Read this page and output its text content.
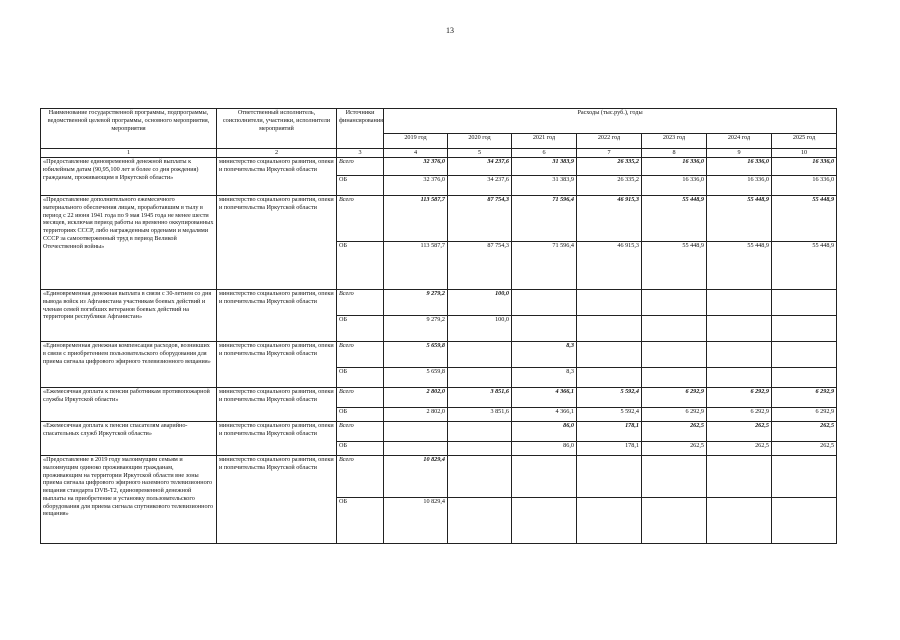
13
Наименование государственной программы, подпрограммы, ведомственной целевой программы, основного мероприятия, мероприятия	Ответственный исполнитель, соисполнители, участники, исполнители мероприятий	Источники финансирования	Расходы (тыс.руб.), годы						
			2019 год	2020 год	2021 год	2022 год	2023 год	2024 год	2025 год
1	2	3	4	5	6	7	8	9	10
«Предоставление единовременной денежной выплаты к юбилейным датам (90,95,100 лет и более со дня рождения) гражданам, проживающим в Иркутской области»	министерство социального развития, опеки и попечительства Иркутской области	Всего	32 376,0	34 237,6	31 383,9	26 335,2	16 336,0	16 336,0	16 336,0
		ОБ	32 376,0	34 237,6	31 383,9	26 335,2	16 336,0	16 336,0	16 336,0
«Предоставление дополнительного ежемесячного материального обеспечения лицам, проработавшим в тылу в период с 22 июня 1941 года по 9 мая 1945 года не менее шести месяцев, исключая период работы на временно оккупированных территориях СССР, либо награжденным орденами и медалями СССР за самоотверженный труд в период Великой Отечественной войны»	министерство социального развития, опеки и попечительства Иркутской области	Всего	113 587,7	87 754,3	71 596,4	46 915,3	55 448,9	55 448,9	55 448,9
		ОБ	113 587,7	87 754,3	71 596,4	46 915,3	55 448,9	55 448,9	55 448,9
«Единовременная денежная выплата в связи с 30-летием со дня вывода войск из Афганистана участникам боевых действий и членам семей погибших ветеранов боевых действий на территории республики Афганистан»	министерство социального развития, опеки и попечительства Иркутской области	Всего	9 279,2	100,0					
		ОБ	9 279,2	100,0					
«Единовременная денежная компенсация расходов, возникших в связи с приобретением пользовательского оборудования для приема сигнала цифрового эфирного телевизионного вещания»	министерство социального развития, опеки и попечительства Иркутской области	Всего	5 659,8		8,3				
		ОБ	5 659,8		8,3				
«Ежемесячная доплата к пенсии работникам противопожарной службы Иркутской области»	министерство социального развития, опеки и попечительства Иркутской области	Всего	2 802,0	3 851,6	4 366,1	5 592,4	6 292,9	6 292,9	6 292,9
		ОБ	2 802,0	3 851,6	4 366,1	5 592,4	6 292,9	6 292,9	6 292,9
«Ежемесячная доплата к пенсии спасателям аварийно-спасательных служб Иркутской области»	министерство социального развития, опеки и попечительства Иркутской области	Всего			86,0	178,1	262,5	262,5	262,5
		ОБ			86,0	178,1	262,5	262,5	262,5
«Предоставление в 2019 году малоимущим семьям и малоимущим одиноко проживающим гражданам, проживающим на территории Иркутской области вне зоны приема сигнала цифрового эфирного наземного телевизионного вещания стандарта DVB-T2, единовременной денежной выплаты на приобретение и установку пользовательского оборудования для приема сигнала спутникового телевизионного вещания»	министерство социального развития, опеки и попечительства Иркутской области	Всего	10 829,4						
		ОБ	10 829,4						
